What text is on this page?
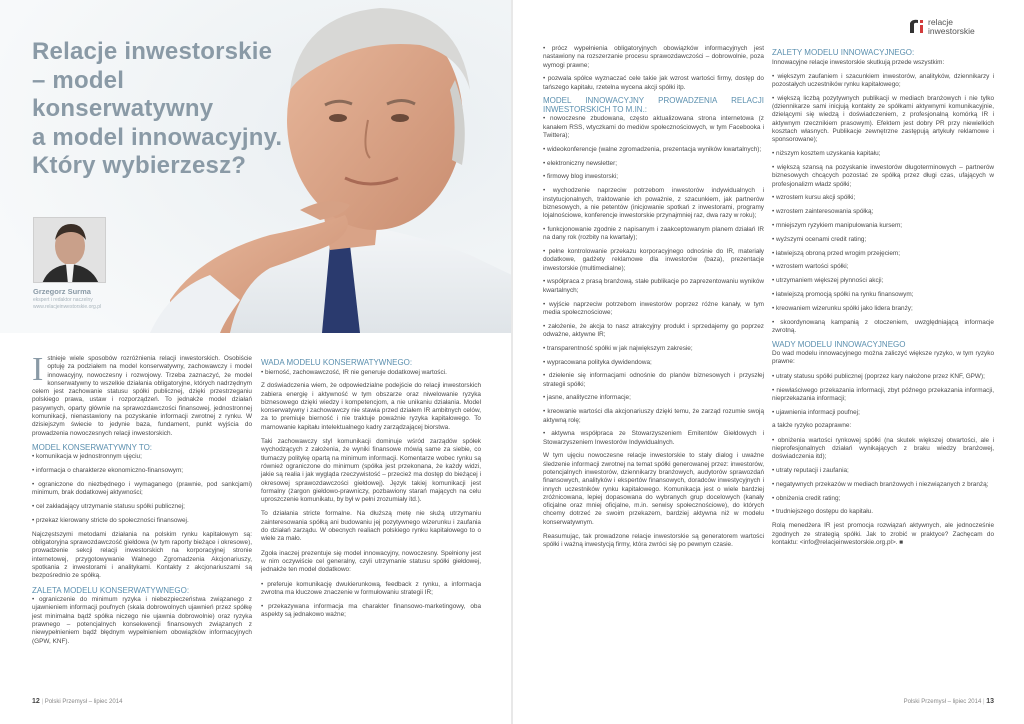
Relacje inwestorskie
– model konserwatywny
a model innowacyjny.
Który wybierzesz?
Grzegorz Surma
ekspert i redaktor naczelny
www.relacjeinwestorskie.org.pl

Istnieje wiele sposobów rozróżnienia relacji inwestorskich. Osobiście optuję za podziałem na model konserwatywny, zachowawczy i model innowacyjny, nowoczesny i rozwojowy. Trzeba zaznaczyć, że model konserwatywny to wszelkie działania obligatoryjne, których nadrzędnym celem jest zachowanie statusu spółki publicznej, dzięki przestrzeganiu polskiego prawa, ustaw i rozporządzeń. To jednakże model działań pasywnych, oparty głównie na sprawozdawczości finansowej, jednostronnej komunikacji, nienastawiony na pozyskanie informacji zwrotnej z rynku. W dzisiejszym świecie to jedynie baza, fundament, punkt wyjścia do prowadzenia nowoczesnych relacji inwestorskich.

MODEL KONSERWATYWNY TO:
• komunikacja w jednostronnym ujęciu;
• informacja o charakterze ekonomiczno-finansowym;
• ograniczone do niezbędnego i wymaganego (prawnie, pod sankcjami) minimum, brak dodatkowej aktywności;
• cel zakładający utrzymanie statusu spółki publicznej;
• przekaz kierowany stricte do społeczności finansowej.

Najczęstszymi metodami działania na polskim rynku kapitałowym są: obligatoryjna sprawozdawczość giełdowa (w tym raporty bieżące i okresowe), prowadzenie sekcji relacji inwestorskich na korporacyjnej stronie internetowej, przygotowywanie Walnego Zgromadzenia Akcjonariuszy, spotkania z inwestorami i analitykami. Kontakty z akcjonariuszami są bezpośrednio ze spółką.

ZALETA MODELU KONSERWATYWNEGO:

• ograniczenie do minimum ryzyka i niebezpieczeństwa związanego z ujawnieniem informacji poufnych (skala dobrowolnych ujawnień przez spółkę jest minimalna bądź spółka niczego nie ujawnia dobrowolnie) oraz ryzyka prawnego – potencjalnych konsekwencji finansowych związanych z niewypełnieniem bądź błędnym wypełnieniem obowiązków informacyjnych (GPW, KNF).

WADA MODELU KONSERWATYWNEGO:
• bierność, zachowawczość, IR nie generuje dodatkowej wartości.

Z doświadczenia wiem, że odpowiedzialne podejście do relacji inwestorskich zabiera energię i aktywność w tym obszarze oraz niwelowanie ryzyka biznesowego dzięki wiedzy i kompetencjom, a nie unikaniu działania. Model konserwatywny i zachowawczy nie stawia przed działem IR ambitnych celów, za to premiuje bierność i nie traktuje poważnie ryzyka kapitałowego. To marnowanie kapitału intelektualnego kadry zarządzającej biorstwa.

Taki zachowawczy styl komunikacji dominuje wśród zarządów spółek wychodzących z założenia, że wyniki finansowe mówią same za siebie, co tłumaczy politykę opartą na minimum informacji. Komentarze wobec rynku są również ograniczone do minimum (spółka jest przekonana, że każdy widzi, jakie są realia i jak wygląda rzeczywistość – przecież ma dostęp do bieżącej i okresowej sprawozdawczości giełdowej). Język takiej komunikacji jest formalny (żargon giełdowo-prawniczy, pozbawiony starań mających na celu uproszczenie komunikatu, by był w pełni zrozumiały itd.).

To działania stricte formalne. Na dłuższą metę nie służą utrzymaniu zainteresowania spółką ani budowaniu jej pozytywnego wizerunku i zaufania do działań zarządu. W obecnych realiach polskiego rynku kapitałowego to o wiele za mało.

Zgoła inaczej prezentuje się model innowacyjny, nowoczesny. Spełniony jest w nim oczywiście cel generalny, czyli utrzymanie statusu spółki giełdowej, jednakże ten model dodatkowo:

• preferuje komunikację dwukierunkową, feedback z rynku, a informacja zwrotna ma kluczowe znaczenie w formułowaniu strategii IR;
• przekazywana informacja ma charakter finansowo-marketingowy, oba aspekty są jednakowo ważne;
12 | Polski Przemysł – lipiec 2014
relacje
inwestorskie
• prócz wypełnienia obligatoryjnych obowiązków informacyjnych jest nastawiony na rozszerzanie procesu sprawozdawczości – dobrowolnie, poza wymogi prawne;
• pozwala spółce wyznaczać cele takie jak wzrost wartości firmy, dostęp do tańszego kapitału, rzetelna wycena akcji spółki itp.
MODEL INNOWACYJNY PROWADZENIA RELACJI INWESTORSKICH TO M.IN.:
• nowoczesne zbudowana, często aktualizowana strona internetowa (z kanałem RSS, wtyczkami do mediów społecznościowych, w tym Facebooka i Twittera);
• wideokonferencje (walne zgromadzenia, prezentacja wyników kwartalnych);
• elektroniczny newsletter;
• firmowy blog inwestorski;
• wychodzenie naprzeciw potrzebom inwestorów indywidualnych i instytucjonalnych, traktowanie ich poważnie, z szacunkiem, jak partnerów biznesowych, a nie petentów (inicjowanie spotkań z inwestorami, programy lojalnościowe, konferencje inwestorskie przynajmniej raz, dwa razy w roku);
• funkcjonowanie zgodnie z napisanym i zaakceptowanym planem działań IR na dany rok (rozbity na kwartały);
• pełne kontrolowanie przekazu korporacyjnego odnośnie do IR, materiały dodatkowe, gadżety reklamowe dla inwestorów (baza), prezentacje inwestorskie (multimedialne);
• współpraca z prasą branżową, stałe publikacje po zaprezentowaniu wyników kwartalnych;
• wyjście naprzeciw potrzebom inwestorów poprzez różne kanały, w tym media społecznościowe;
• założenie, że akcja to nasz atrakcyjny produkt i sprzedajemy go poprzez odważne, aktywne IR;
• transparentność spółki w jak największym zakresie;
• wypracowana polityka dywidendowa;
• dzielenie się informacjami odnośnie do planów biznesowych i przyszłej strategii spółki;
• jasne, analityczne informacje;
• kreowanie wartości dla akcjonariuszy dzięki temu, że zarząd rozumie swoją aktywną rolę;
• aktywna współpraca ze Stowarzyszeniem Emitentów Giełdowych i Stowarzyszeniem Inwestorów Indywidualnych.

W tym ujęciu nowoczesne relacje inwestorskie to stały dialog i uważne śledzenie informacji zwrotnej na temat spółki generowanej przez: inwestorów, potencjalnych inwestorów, dziennikarzy branżowych, audytorów sprawozdań finansowych, analityków i ekspertów finansowych, doradców inwestycyjnych i innych uczestników rynku kapitałowego. Komunikacja jest o wiele bardziej zróżnicowana, lepiej dopasowana do wybranych grup docelowych (kanały oficjalne oraz mniej oficjalne, m.in. serwisy społecznościowe), do których chcemy dotrzeć ze swoim przekazem, bardziej aktywna niż w modelu konserwatywnym.

Reasumując, tak prowadzone relacje inwestorskie są generatorem wartości spółki i ważną inwestycją firmy, która zwróci się po pewnym czasie.

ZALETY MODELU INNOWACYJNEGO:

Innowacyjne relacje inwestorskie skutkują przede wszystkim:

• większym zaufaniem i szacunkiem inwestorów, analityków, dziennikarzy i pozostałych uczestników rynku kapitałowego;
• większą liczbą pozytywnych publikacji w mediach branżowych i nie tylko (dziennikarze sami inicjują kontakty ze spółkami aktywnymi komunikacyjnie, dzielącymi się wiedzą i doświadczeniem, z profesjonalną komórką IR i aktywnym rzecznikiem prasowym). Efektem jest dobry PR przy niewielkich kosztach własnych. Publikacje zewnętrzne zastępują artykuły reklamowe i sponsorowane);
• niższym kosztem uzyskania kapitału;
• większą szansą na pozyskanie inwestorów długoterminowych – partnerów biznesowych chcących pozostać ze spółką przez długi czas, ufających w profesjonalizm władz spółki;
• wzrostem kursu akcji spółki;
• wzrostem zainteresowania spółką;
• mniejszym ryzykiem manipulowania kursem;
• wyższymi ocenami credit rating;
• łatwiejszą obroną przed wrogim przejęciem;
• wzrostem wartości spółki;
• utrzymaniem większej płynności akcji;
• łatwiejszą promocją spółki na rynku finansowym;
• kreowaniem wizerunku spółki jako lidera branży;
• skoordynowaną kampanią z otoczeniem, uwzględniającą informacje zwrotną.
WADY MODELU INNOWACYJNEGO

Do wad modelu innowacyjnego można zaliczyć większe ryzyko, w tym ryzyko prawne:

• utraty statusu spółki publicznej (poprzez kary nałożone przez KNF, GPW);
• niewłaściwego przekazania informacji, zbyt późnego przekazania informacji, nieprzekazania informacji;
• ujawnienia informacji poufnej;

a także ryzyko pozaprawne:

• obniżenia wartości rynkowej spółki (na skutek większej otwartości, ale i nieprofesjonalnych działań wynikających z braku wiedzy branżowej, doświadczenia itd);
• utraty reputacji i zaufania;
• negatywnych przekazów w mediach branżowych i niezwiązanych z branżą;
• obniżenia credit rating;
• trudniejszego dostępu do kapitału.

Rolą menedżera IR jest promocja rozwiązań aktywnych, ale jednocześnie zgodnych ze strategią spółki. Jak to zrobić w praktyce? Zachęcam do kontaktu: <info@relacjeinwestorskie.org.pl>. ■

Polski Przemysł – lipiec 2014 | 13
